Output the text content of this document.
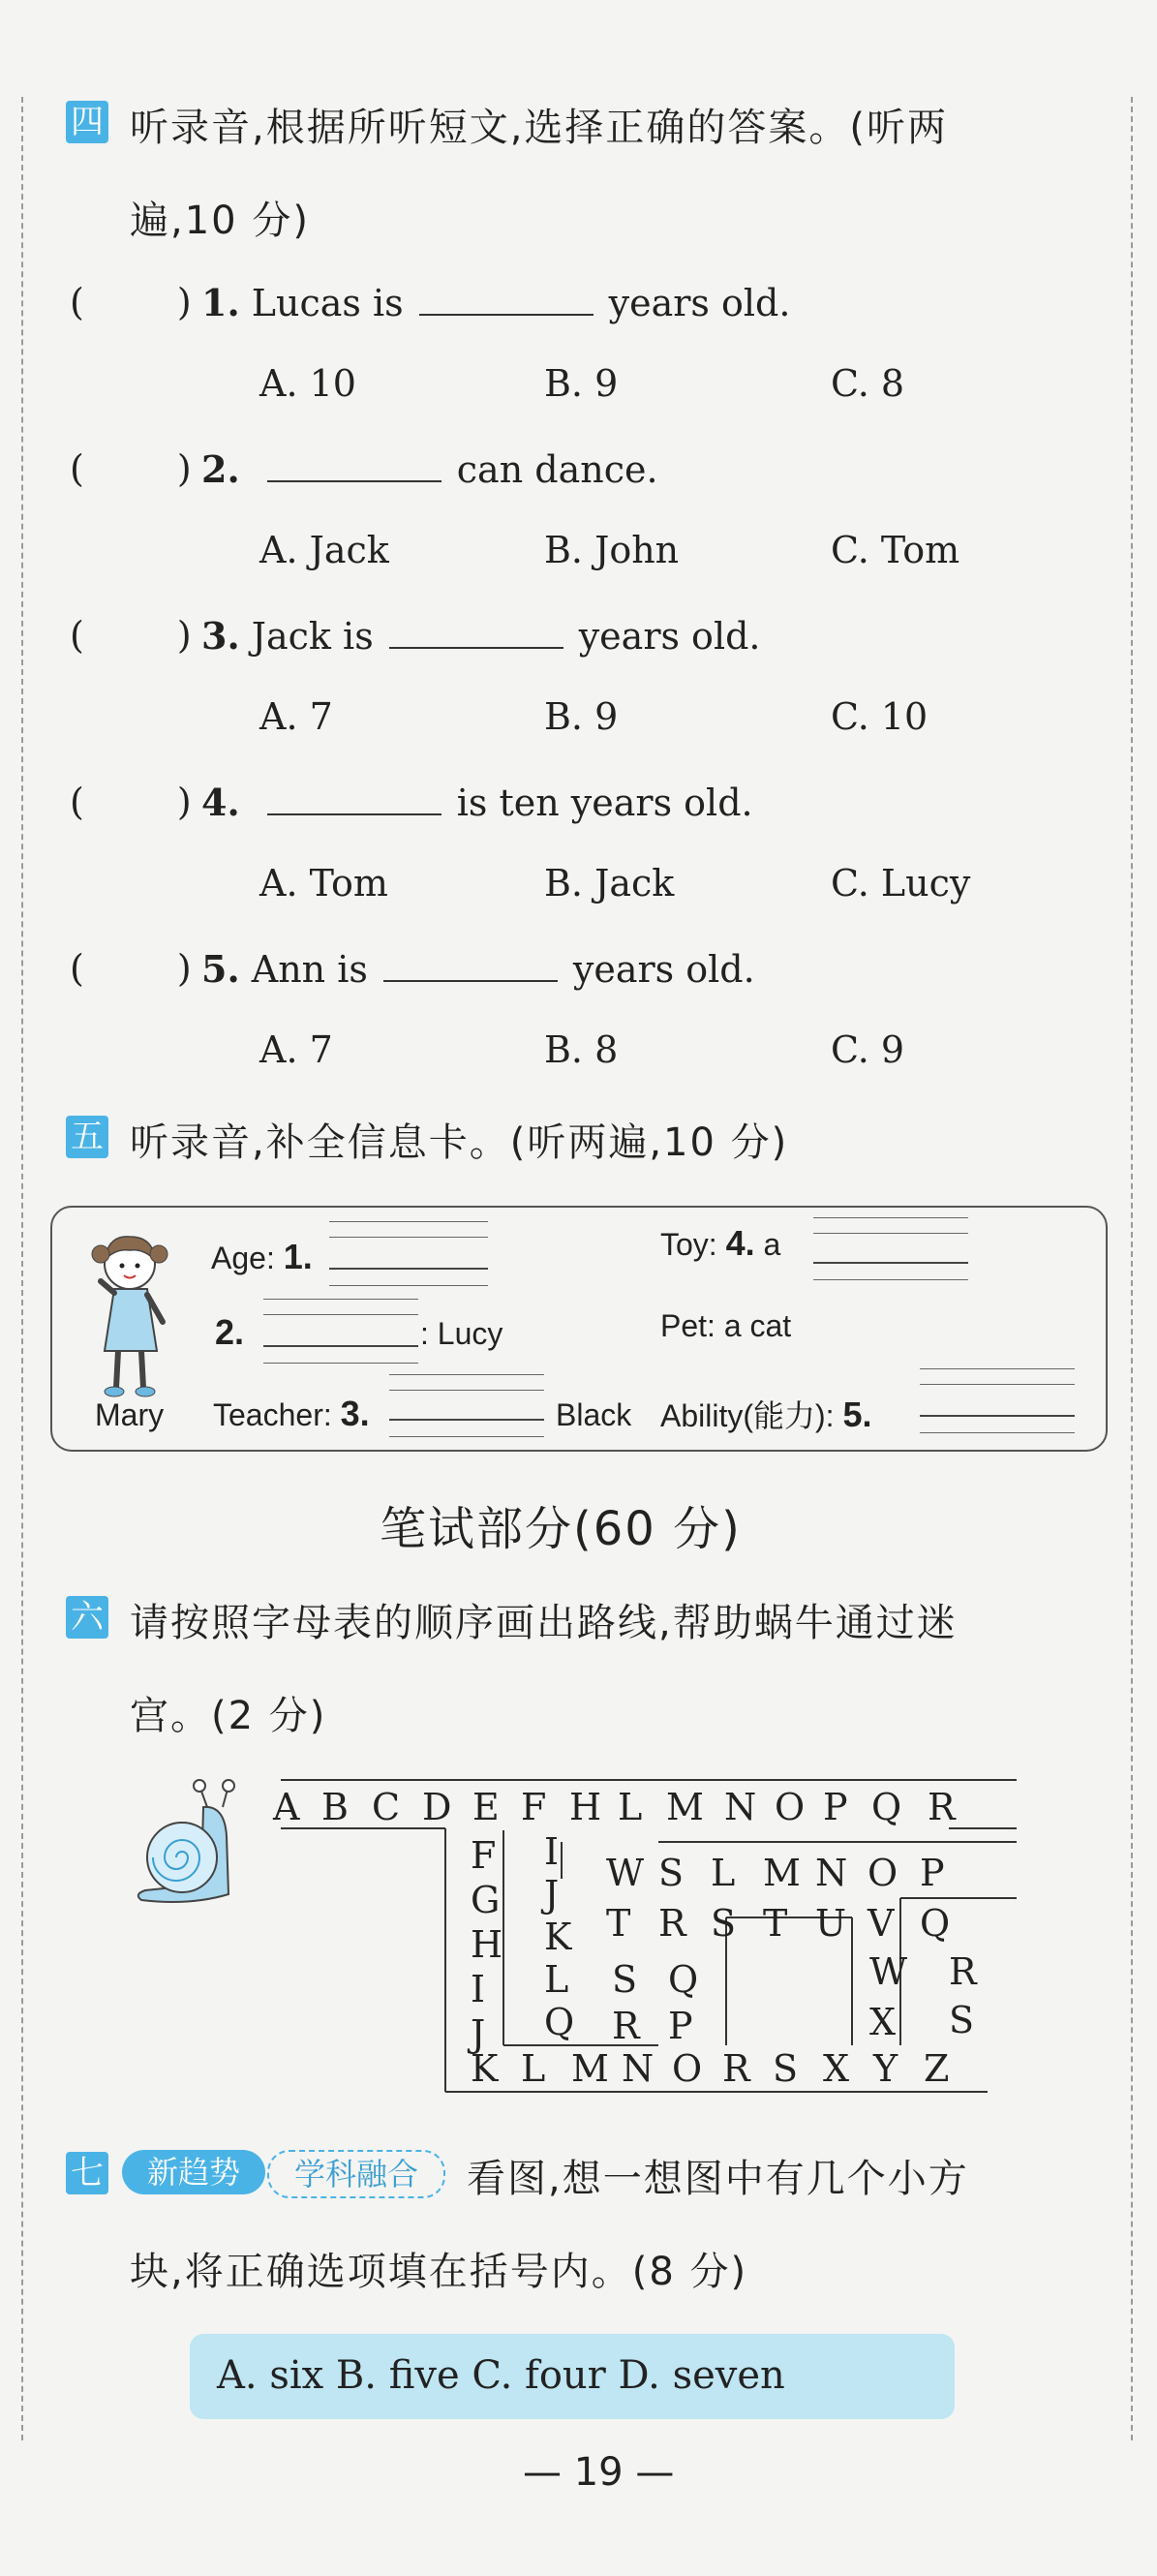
四 听录音,根据所听短文,选择正确的答案。(听两
遍,10 分)
(	) 1. Lucas is	years old.
A. 10	B. 9	C. 8
(	) 2.	can dance.
A. Jack	B. John	C. Tom
(	) 3. Jack is	years old.
A. 7	B. 9	C. 10
(	) 4.	is ten years old.
A. Tom	B. Jack	C. Lucy
(	) 5. Ann is	years old.
A. 7	B. 8	C. 9
五 听录音,补全信息卡。(听两遍,10 分)
Mary
Age: 1.
2.	: Lucy
Teacher: 3.	Black
Toy: 4. a
Pet: a cat
Ability(能力): 5.
笔试部分(60 分)
六 请按照字母表的顺序画出路线,帮助蜗牛通过迷
宫。(2 分)
A B C D E F H L M N O P Q R
F
G
H
I
J
I
J
K
L
Q
W S L M N O P
T R S T U V Q
S Q
R P
W
X
R
S
K L M N O R S X Y Z
七	新趋势	学科融合	看图,想一想图中有几个小方
块,将正确选项填在括号内。(8 分)
A. six B. five C. four D. seven
— 19 —
